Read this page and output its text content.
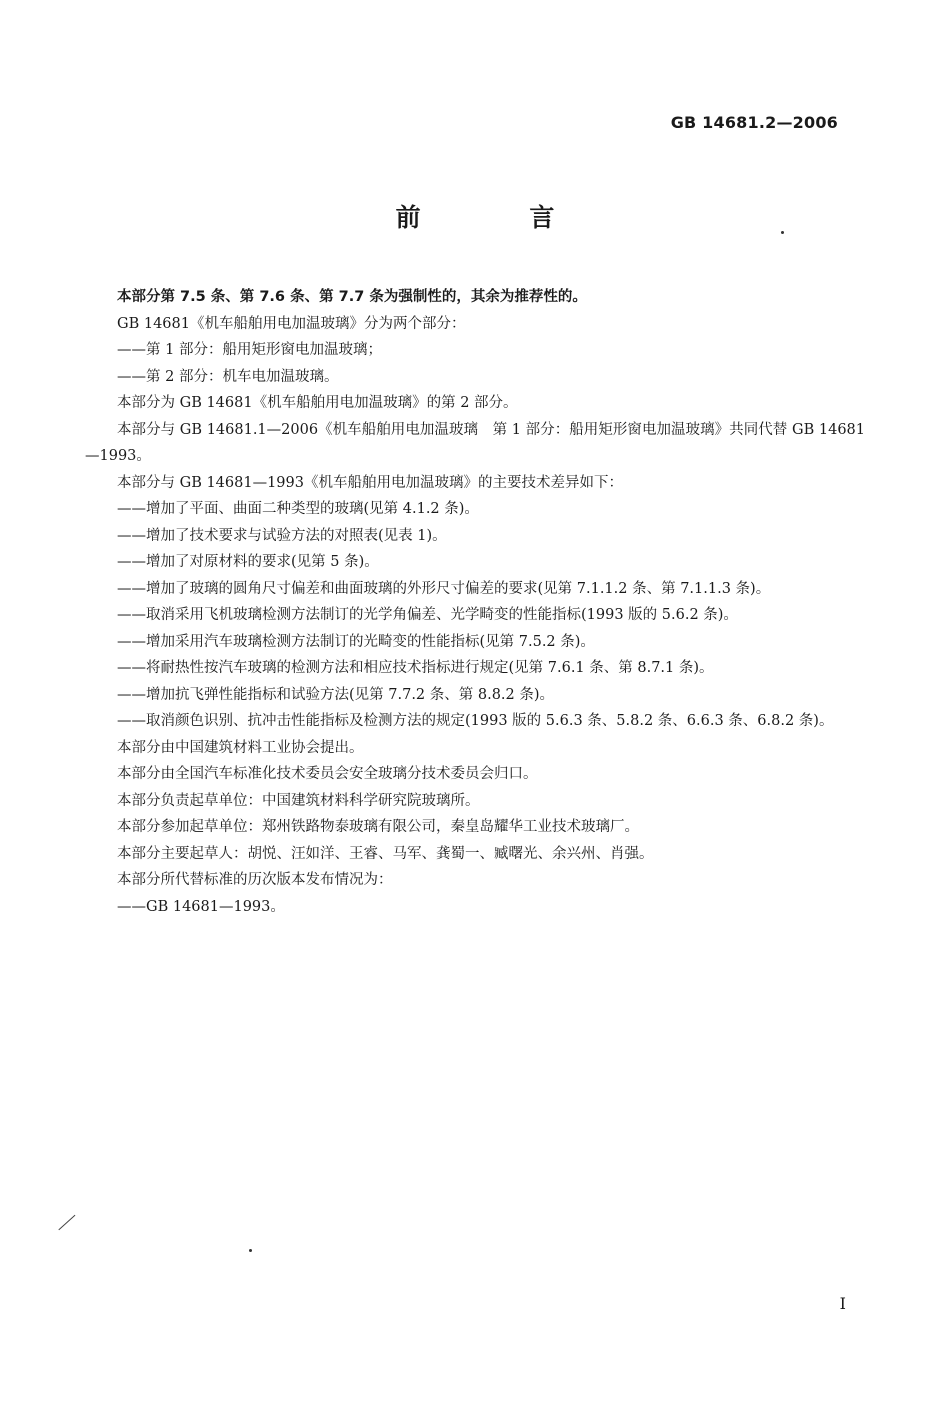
GB 14681.2—2006
前 言

本部分第 7.5 条、第 7.6 条、第 7.7 条为强制性的，其余为推荐性的。

GB 14681《机车船舶用电加温玻璃》分为两个部分：

——第 1 部分：船用矩形窗电加温玻璃；

——第 2 部分：机车电加温玻璃。

本部分为 GB 14681《机车船舶用电加温玻璃》的第 2 部分。

本部分与 GB 14681.1—2006《机车船舶用电加温玻璃　第 1 部分：船用矩形窗电加温玻璃》共同代替 GB 14681—1993。

本部分与 GB 14681—1993《机车船舶用电加温玻璃》的主要技术差异如下：

——增加了平面、曲面二种类型的玻璃(见第 4.1.2 条)。

——增加了技术要求与试验方法的对照表(见表 1)。

——增加了对原材料的要求(见第 5 条)。

——增加了玻璃的圆角尺寸偏差和曲面玻璃的外形尺寸偏差的要求(见第 7.1.1.2 条、第 7.1.1.3 条)。

——取消采用飞机玻璃检测方法制订的光学角偏差、光学畸变的性能指标(1993 版的 5.6.2 条)。

——增加采用汽车玻璃检测方法制订的光畸变的性能指标(见第 7.5.2 条)。

——将耐热性按汽车玻璃的检测方法和相应技术指标进行规定(见第 7.6.1 条、第 8.7.1 条)。

——增加抗飞弹性能指标和试验方法(见第 7.7.2 条、第 8.8.2 条)。

——取消颜色识别、抗冲击性能指标及检测方法的规定(1993 版的 5.6.3 条、5.8.2 条、6.6.3 条、6.8.2 条)。

本部分由中国建筑材料工业协会提出。

本部分由全国汽车标准化技术委员会安全玻璃分技术委员会归口。

本部分负责起草单位：中国建筑材料科学研究院玻璃所。

本部分参加起草单位：郑州铁路物泰玻璃有限公司，秦皇岛耀华工业技术玻璃厂。

本部分主要起草人：胡悦、汪如洋、王睿、马军、龚蜀一、臧曙光、余兴州、肖强。

本部分所代替标准的历次版本发布情况为：

——GB 14681—1993。

I
